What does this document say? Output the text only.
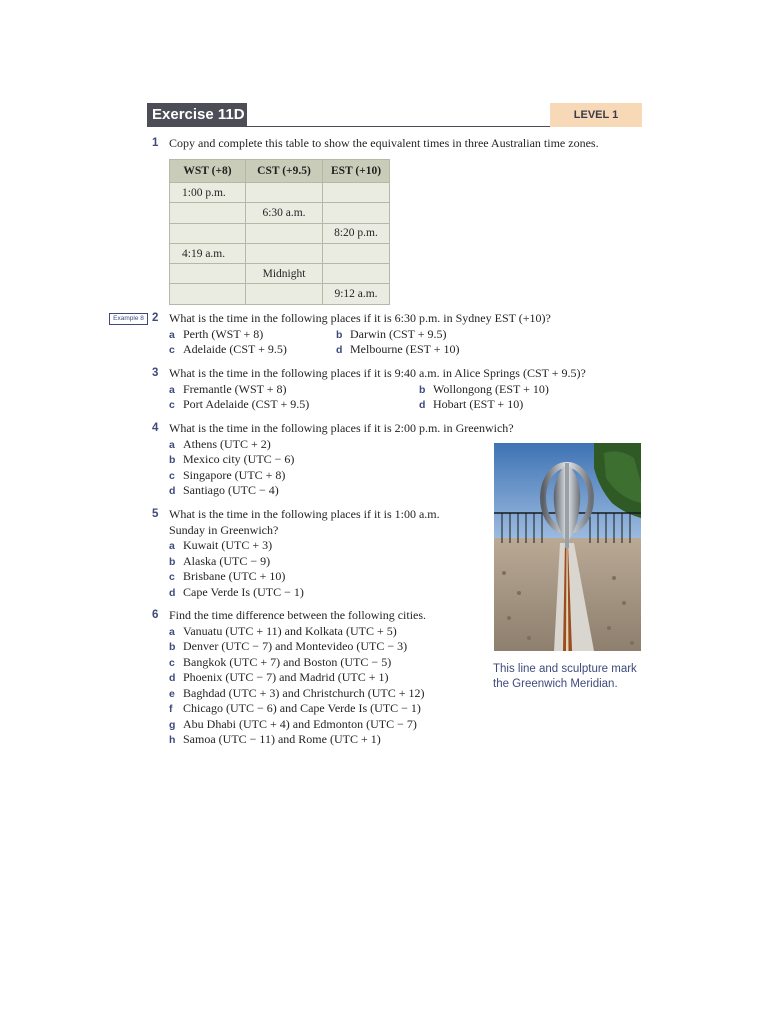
Exercise 11D	LEVEL 1
1 Copy and complete this table to show the equivalent times in three Australian time zones.
WST (+8)	CST (+9.5)	EST (+10)
1:00 p.m.		
	6:30 a.m.	
		8:20 p.m.
4:19 a.m.		
	Midnight	
		9:12 a.m.
Example 8 2 What is the time in the following places if it is 6:30 p.m. in Sydney EST (+10)?
a Perth (WST + 8)	b Darwin (CST + 9.5)
c Adelaide (CST + 9.5)	d Melbourne (EST + 10)
3 What is the time in the following places if it is 9:40 a.m. in Alice Springs (CST + 9.5)?
a Fremantle (WST + 8)	b Wollongong (EST + 10)
c Port Adelaide (CST + 9.5)	d Hobart (EST + 10)
4 What is the time in the following places if it is 2:00 p.m. in Greenwich?
a Athens (UTC + 2)
b Mexico city (UTC − 6)
c Singapore (UTC + 8)
d Santiago (UTC − 4)
5 What is the time in the following places if it is 1:00 a.m.
Sunday in Greenwich?
a Kuwait (UTC + 3)
b Alaska (UTC − 9)
c Brisbane (UTC + 10)
d Cape Verde Is (UTC − 1)
6 Find the time difference between the following cities.
a Vanuatu (UTC + 11) and Kolkata (UTC + 5)
b Denver (UTC − 7) and Montevideo (UTC − 3)
c Bangkok (UTC + 7) and Boston (UTC − 5)
d Phoenix (UTC − 7) and Madrid (UTC + 1)
e Baghdad (UTC + 3) and Christchurch (UTC + 12)
f Chicago (UTC − 6) and Cape Verde Is (UTC − 1)
g Abu Dhabi (UTC + 4) and Edmonton (UTC − 7)
h Samoa (UTC − 11) and Rome (UTC + 1)
This line and sculpture mark the Greenwich Meridian.
